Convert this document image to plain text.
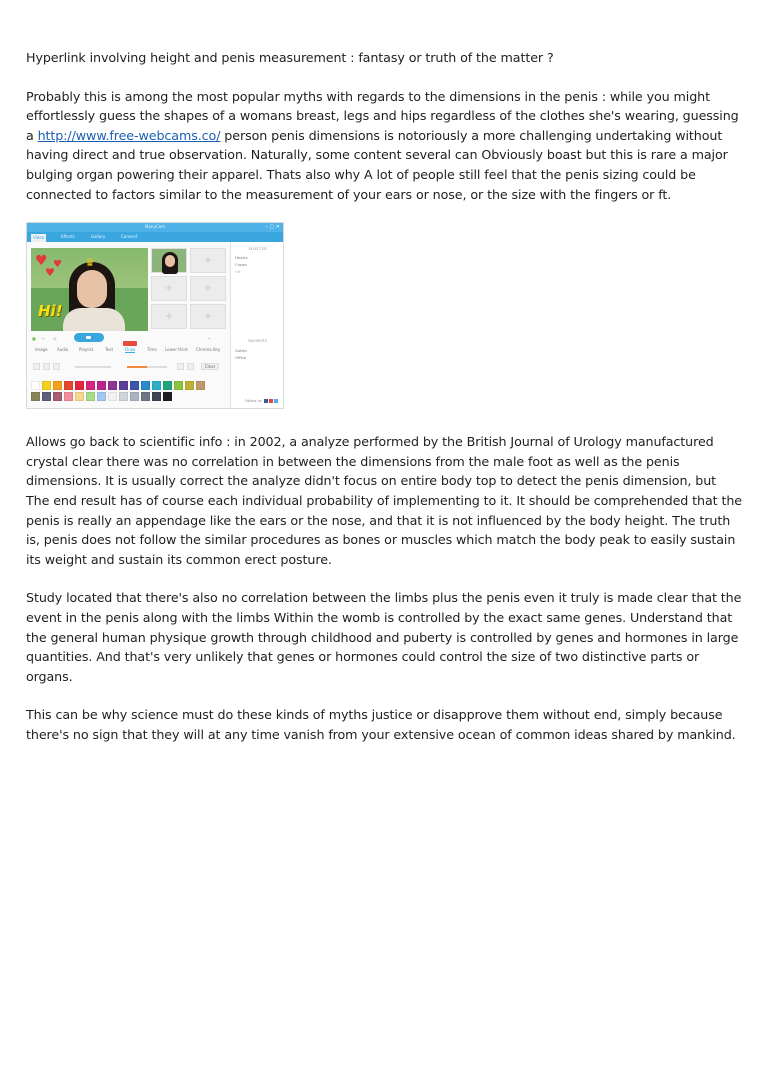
Hyperlink involving height and penis measurement : fantasy or truth of the matter ?

Probably this is among the most popular myths with regards to the dimensions in the penis : while you might effortlessly guess the shapes of a womans breast, legs and hips regardless of the clothes she's wearing, guessing a http://www.free-webcams.co/ person penis dimensions is notoriously a more challenging undertaking without having direct and true observation. Naturally, some content several can Obviously boast but this is rare a major bulging organ powering their apparel. Thats also why A lot of people still feel that the penis sizing could be connected to factors similar to the measurement of your ears or nose, or the size with the fingers or ft.

ManyCam	– ▢ ✕
Video	Effects	Gallery	Connect
♛
♥
♥
♥
Hi!
+
+	+
+	+
SELECTED
Hearts
Crown
Hit
FAVORITES
Gothic
Office
Follow us
■ ⊸ ◎	→
Image Audio	Playlist	Text	Draw	Time Lower third Chroma Key
Clear

Allows go back to scientific info : in 2002, a analyze performed by the British Journal of Urology manufactured crystal clear there was no correlation in between the dimensions from the male foot as well as the penis dimensions. It is usually correct the analyze didn't focus on entire body top to detect the penis dimension, but The end result has of course each individual probability of implementing to it. It should be comprehended that the penis is really an appendage like the ears or the nose, and that it is not influenced by the body height. The truth is, penis does not follow the similar procedures as bones or muscles which match the body peak to easily sustain its weight and sustain its common erect posture.

Study located that there's also no correlation between the limbs plus the penis even it truly is made clear that the event in the penis along with the limbs Within the womb is controlled by the exact same genes. Understand that the general human physique growth through childhood and puberty is controlled by genes and hormones in large quantities. And that's very unlikely that genes or hormones could control the size of two distinctive parts or organs.

This can be why science must do these kinds of myths justice or disapprove them without end, simply because there's no sign that they will at any time vanish from your extensive ocean of common ideas shared by mankind.
